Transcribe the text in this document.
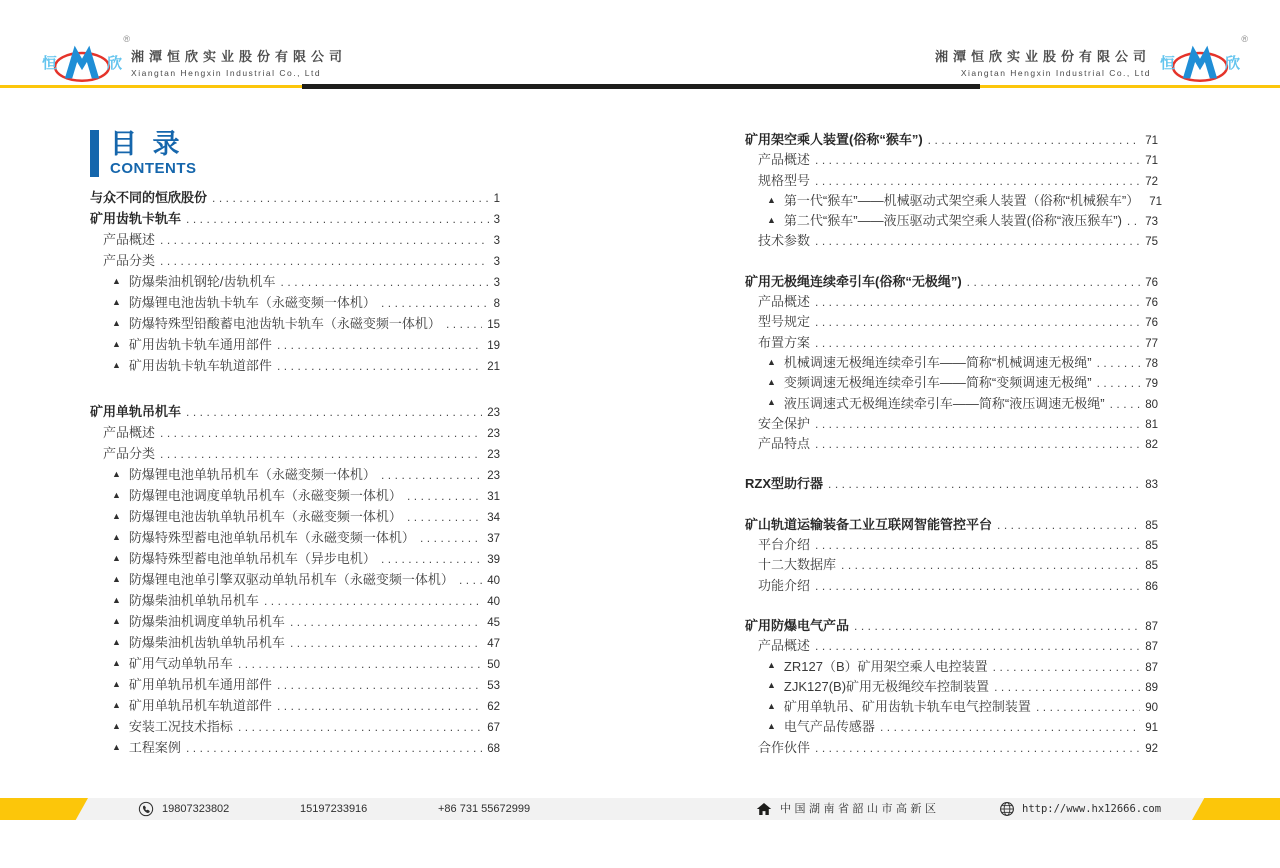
恒	欣
®
湘潭恒欣实业股份有限公司
Xiangtan Hengxin Industrial Co., Ltd
湘潭恒欣实业股份有限公司
Xiangtan Hengxin Industrial Co., Ltd
恒	欣
®
目 录
CONTENTS
与众不同的恒欣股份 .....	1
矿用齿轨卡轨车 .....	3
产品概述 .....	3
产品分类 .....	3
▲ 防爆柴油机钢轮/齿轨机车 .....	3
▲ 防爆锂电池齿轨卡轨车（永磁变频一体机） .....	8
▲ 防爆特殊型铅酸蓄电池齿轨卡轨车（永磁变频一体机） .....	15
▲ 矿用齿轨卡轨车通用部件 .....	19
▲ 矿用齿轨卡轨车轨道部件 .....	21
矿用单轨吊机车 .....	23
产品概述 .....	23
产品分类 .....	23
▲ 防爆锂电池单轨吊机车（永磁变频一体机） .....	23
▲ 防爆锂电池调度单轨吊机车（永磁变频一体机） .....	31
▲ 防爆锂电池齿轨单轨吊机车（永磁变频一体机） .....	34
▲ 防爆特殊型蓄电池单轨吊机车（永磁变频一体机） .....	37
▲ 防爆特殊型蓄电池单轨吊机车（异步电机） .....	39
▲ 防爆锂电池单引擎双驱动单轨吊机车（永磁变频一体机） .....	40
▲ 防爆柴油机单轨吊机车 .....	40
▲ 防爆柴油机调度单轨吊机车 .....	45
▲ 防爆柴油机齿轨单轨吊机车 .....	47
▲ 矿用气动单轨吊车 .....	50
▲ 矿用单轨吊机车通用部件 .....	53
▲ 矿用单轨吊机车轨道部件 .....	62
▲ 安装工况技术指标 .....	67
▲ 工程案例 .....	68
矿用架空乘人装置(俗称“猴车”) .....	71
产品概述 .....	71
规格型号 .....	72
▲ 第一代“猴车”——机械驱动式架空乘人装置（俗称“机械猴车”） 71
▲ 第二代“猴车”——液压驱动式架空乘人装置(俗称“液压猴车”) ..... 73
技术参数 .....	75
矿用无极绳连续牵引车(俗称“无极绳”) .....	76
产品概述 .....	76
型号规定 .....	76
布置方案 .....	77
▲ 机械调速无极绳连续牵引车——简称“机械调速无极绳” .....	78
▲ 变频调速无极绳连续牵引车——简称“变频调速无极绳” .....	79
▲ 液压调速式无极绳连续牵引车——简称“液压调速无极绳” .....	80
安全保护 .....	81
产品特点 .....	82
RZX型助行器 .....	83
矿山轨道运输装备工业互联网智能管控平台 .....	85
平台介绍 .....	85
十二大数据库 .....	85
功能介绍 .....	86
矿用防爆电气产品 .....	87
产品概述 .....	87
▲ ZR127（B）矿用架空乘人电控装置 .....	87
▲ ZJK127(B)矿用无极绳绞车控制装置 .....	89
▲ 矿用单轨吊、矿用齿轨卡轨车电气控制装置 .....	90
▲ 电气产品传感器 .....	91
合作伙伴 .....	92
19807323802	15197233916	+86 731 55672999	中国湖南省韶山市高新区	http://www.hx12666.com
